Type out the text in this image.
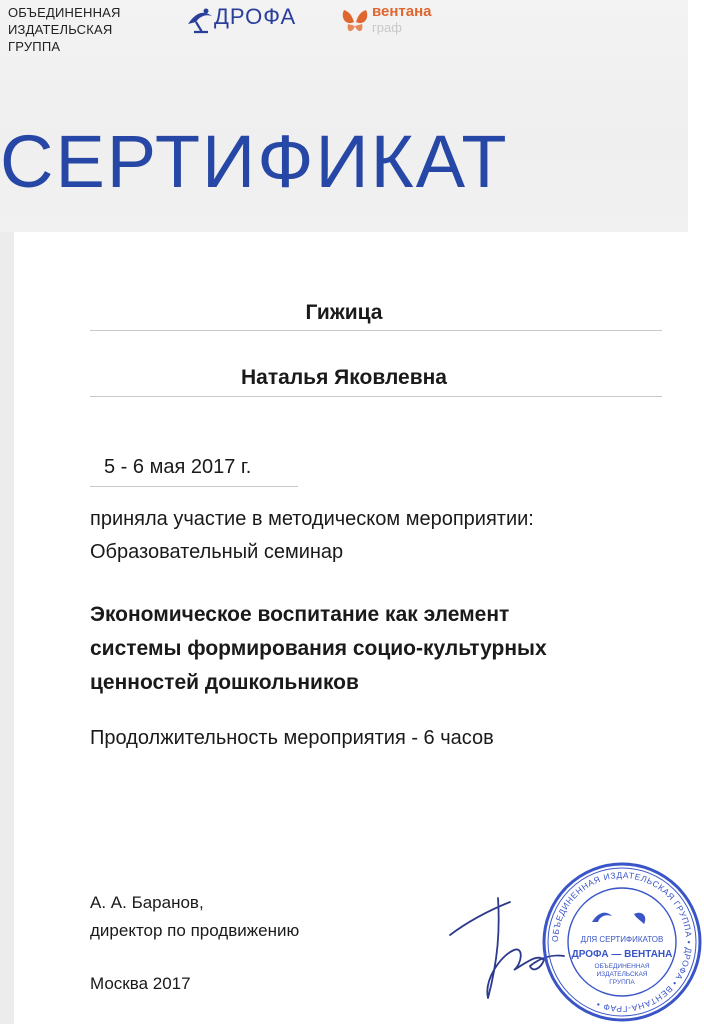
ОБЪЕДИНЕННАЯ
ИЗДАТЕЛЬСКАЯ
ГРУППА
ДРОФА	вентана
граф
СЕРТИФИКАТ
Гижица
Наталья Яковлевна
5 - 6 мая 2017 г.
приняла участие в методическом мероприятии:
Образовательный семинар
Экономическое воспитание как элемент
системы формирования социо-культурных
ценностей дошкольников
Продолжительность мероприятия - 6 часов
А. А. Баранов,
директор по продвижению
Москва 2017
ОБЪЕДИНЕННАЯ ИЗДАТЕЛЬСКАЯ ГРУППА • ДРОФА • ВЕНТАНА-ГРАФ •
ДЛЯ СЕРТИФИКАТОВ
ДРОФА — ВЕНТАНА
ОБЪЕДИНЕННАЯ
ИЗДАТЕЛЬСКАЯ
ГРУППА
